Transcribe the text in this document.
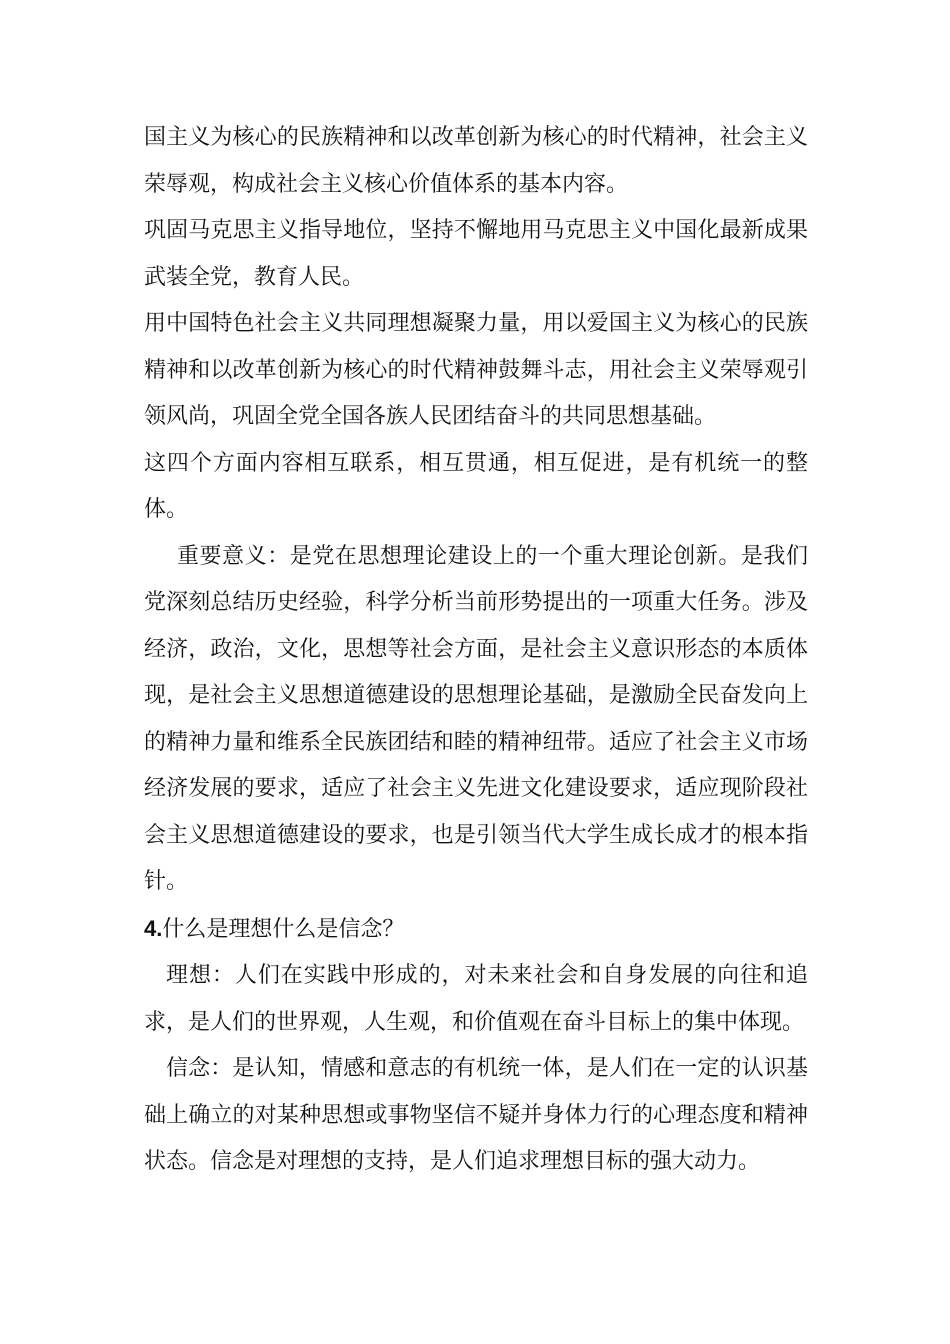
国主义为核心的民族精神和以改革创新为核心的时代精神，社会主义荣辱观，构成社会主义核心价值体系的基本内容。

巩固马克思主义指导地位，坚持不懈地用马克思主义中国化最新成果武装全党，教育人民。

用中国特色社会主义共同理想凝聚力量，用以爱国主义为核心的民族精神和以改革创新为核心的时代精神鼓舞斗志，用社会主义荣辱观引领风尚，巩固全党全国各族人民团结奋斗的共同思想基础。

这四个方面内容相互联系，相互贯通，相互促进，是有机统一的整体。

重要意义：是党在思想理论建设上的一个重大理论创新。是我们党深刻总结历史经验，科学分析当前形势提出的一项重大任务。涉及经济，政治，文化，思想等社会方面，是社会主义意识形态的本质体现，是社会主义思想道德建设的思想理论基础，是激励全民奋发向上的精神力量和维系全民族团结和睦的精神纽带。适应了社会主义市场经济发展的要求，适应了社会主义先进文化建设要求，适应现阶段社会主义思想道德建设的要求，也是引领当代大学生成长成才的根本指针。

4.什么是理想什么是信念？

理想：人们在实践中形成的，对未来社会和自身发展的向往和追求，是人们的世界观，人生观，和价值观在奋斗目标上的集中体现。

信念：是认知，情感和意志的有机统一体，是人们在一定的认识基础上确立的对某种思想或事物坚信不疑并身体力行的心理态度和精神状态。信念是对理想的支持，是人们追求理想目标的强大动力。
